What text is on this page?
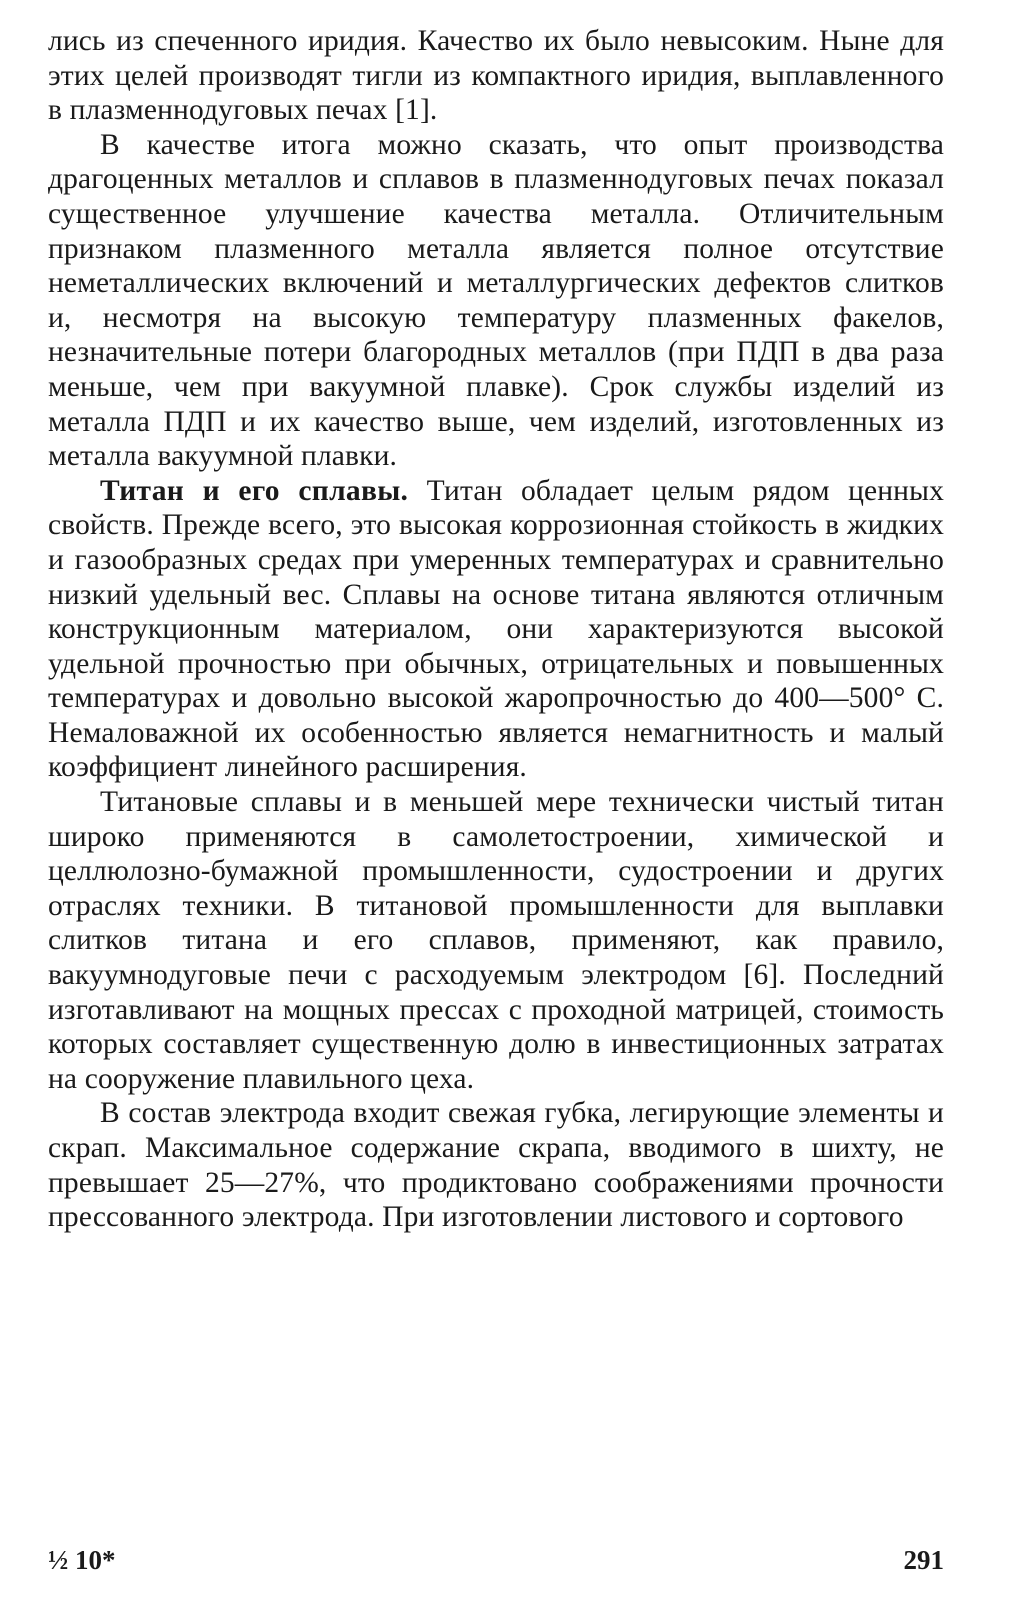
лись из спеченного иридия. Качество их было невысоким. Ныне для этих целей производят тигли из компактного иридия, выплавленного в плазменнодуговых печах [1].

В качестве итога можно сказать, что опыт производства драгоценных металлов и сплавов в плазменнодуговых печах показал существенное улучшение качества металла. Отличительным признаком плазменного металла является полное отсутствие неметаллических включений и металлургических дефектов слитков и, несмотря на высокую температуру плазменных факелов, незначительные потери благородных металлов (при ПДП в два раза меньше, чем при вакуумной плавке). Срок службы изделий из металла ПДП и их качество выше, чем изделий, изготовленных из металла вакуумной плавки.

Титан и его сплавы. Титан обладает целым рядом ценных свойств. Прежде всего, это высокая коррозионная стойкость в жидких и газообразных средах при умеренных температурах и сравнительно низкий удельный вес. Сплавы на основе титана являются отличным конструкционным материалом, они характеризуются высокой удельной прочностью при обычных, отрицательных и повышенных температурах и довольно высокой жаропрочностью до 400—500° С. Немаловажной их особенностью является немагнитность и малый коэффициент линейного расширения.

Титановые сплавы и в меньшей мере технически чистый титан широко применяются в самолетостроении, химической и целлюлозно-бумажной промышленности, судостроении и других отраслях техники. В титановой промышленности для выплавки слитков титана и его сплавов, применяют, как правило, вакуумнодуговые печи с расходуемым электродом [6]. Последний изготавливают на мощных прессах с проходной матрицей, стоимость которых составляет существенную долю в инвестиционных затратах на сооружение плавильного цеха.

В состав электрода входит свежая губка, легирующие элементы и скрап. Максимальное содержание скрапа, вводимого в шихту, не превышает 25—27%, что продиктовано соображениями прочности прессованного электрода. При изготовлении листового и сортового

½ 10*	291
